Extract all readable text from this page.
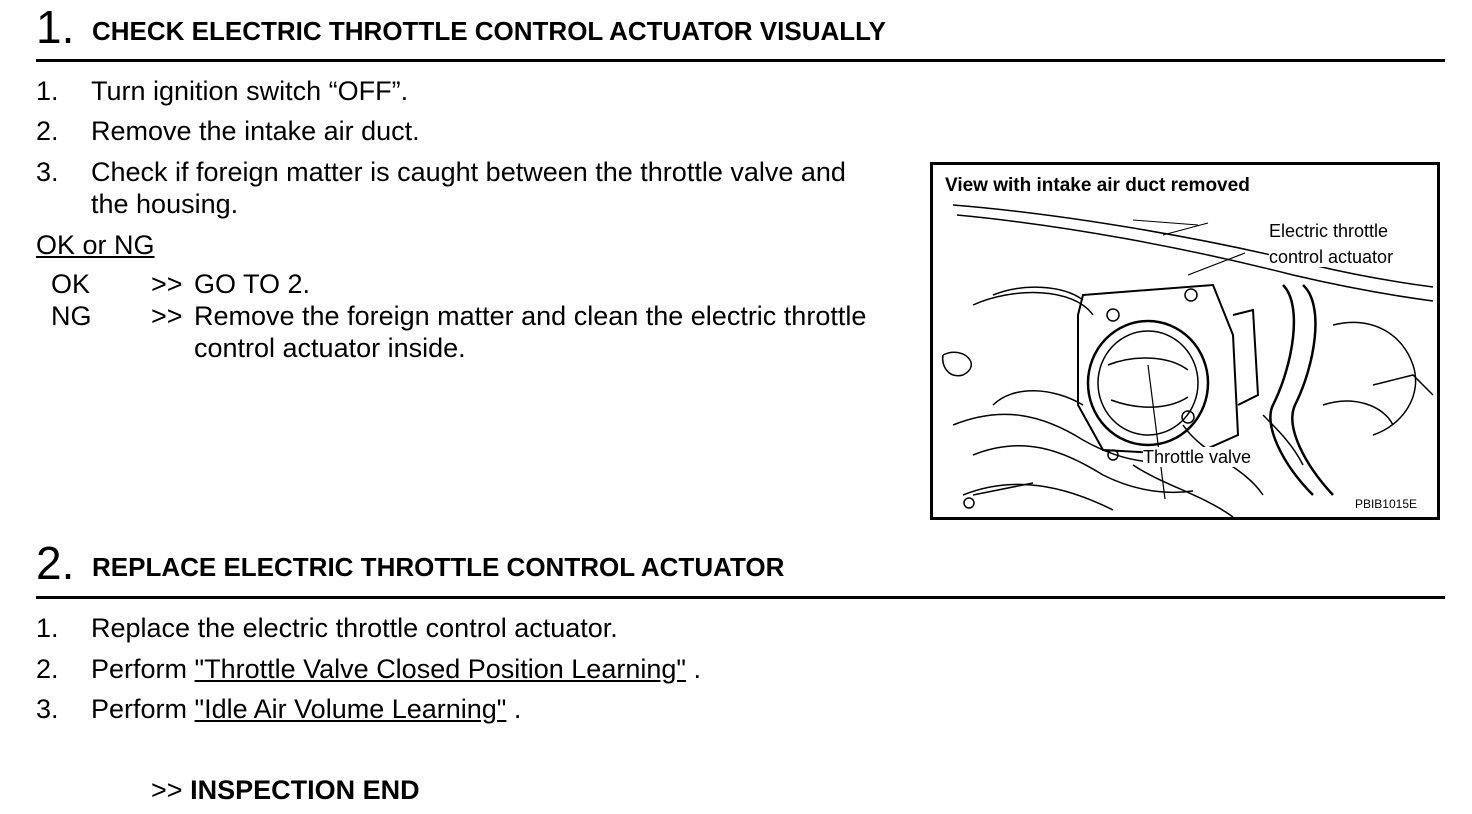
1. CHECK ELECTRIC THROTTLE CONTROL ACTUATOR VISUALLY
1. Turn ignition switch “OFF”.
2. Remove the intake air duct.
3. Check if foreign matter is caught between the throttle valve and
the housing.
OK or NG
OK >> GO TO 2.
NG >> Remove the foreign matter and clean the electric throttle
control actuator inside.
View with intake air duct removed
Electric throttle
control actuator
Throttle valve
PBIB1015E
2. REPLACE ELECTRIC THROTTLE CONTROL ACTUATOR
1. Replace the electric throttle control actuator.
2. Perform "Throttle Valve Closed Position Learning" .
3. Perform "Idle Air Volume Learning" .
>> INSPECTION END
